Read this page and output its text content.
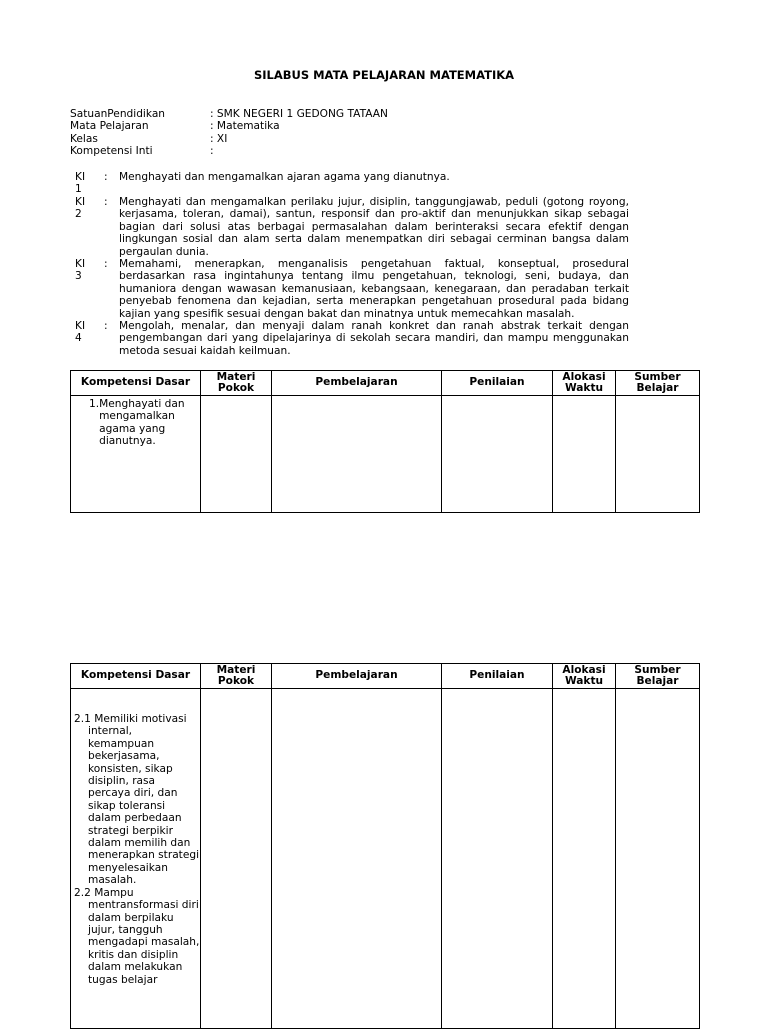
SILABUS MATA PELAJARAN MATEMATIKA
SatuanPendidikan	: SMK NEGERI 1 GEDONG TATAAN
Mata Pelajaran	: Matematika
Kelas	: XI
Kompetensi Inti	:
KI 1
: Menghayati dan mengamalkan ajaran agama yang dianutnya.
KI 2
: Menghayati dan mengamalkan perilaku jujur, disiplin, tanggungjawab, peduli (gotong royong, kerjasama, toleran, damai), santun, responsif dan pro-aktif dan menunjukkan sikap sebagai bagian dari solusi atas berbagai permasalahan dalam berinteraksi secara efektif dengan lingkungan sosial dan alam serta dalam menempatkan diri sebagai cerminan bangsa dalam pergaulan dunia.
KI 3
: Memahami, menerapkan, menganalisis pengetahuan faktual, konseptual, prosedural berdasarkan rasa ingintahunya tentang ilmu pengetahuan, teknologi, seni, budaya, dan humaniora dengan wawasan kemanusiaan, kebangsaan, kenegaraan, dan peradaban terkait penyebab fenomena dan kejadian, serta menerapkan pengetahuan prosedural pada bidang kajian yang spesifik sesuai dengan bakat dan minatnya untuk memecahkan masalah.
KI 4
: Mengolah, menalar, dan menyaji dalam ranah konkret dan ranah abstrak terkait dengan pengembangan dari yang dipelajarinya di sekolah secara mandiri, dan mampu menggunakan metoda sesuai kaidah keilmuan.
Kompetensi Dasar	Materi Pokok	Pembelajaran	Penilaian	Alokasi Waktu	Sumber Belajar

1. Menghayati dan mengamalkan agama yang dianutnya.					

Kompetensi Dasar	Materi Pokok	Pembelajaran	Penilaian	Alokasi Waktu	Sumber Belajar

2.1 Memiliki motivasi internal, kemampuan bekerjasama, konsisten, sikap disiplin, rasa percaya diri, dan sikap toleransi dalam perbedaan strategi berpikir dalam memilih dan menerapkan strategi menyelesaikan masalah.
2.2 Mampu mentransformasi diri dalam berpilaku jujur, tangguh mengadapi masalah, kritis dan disiplin dalam melakukan tugas belajar					
